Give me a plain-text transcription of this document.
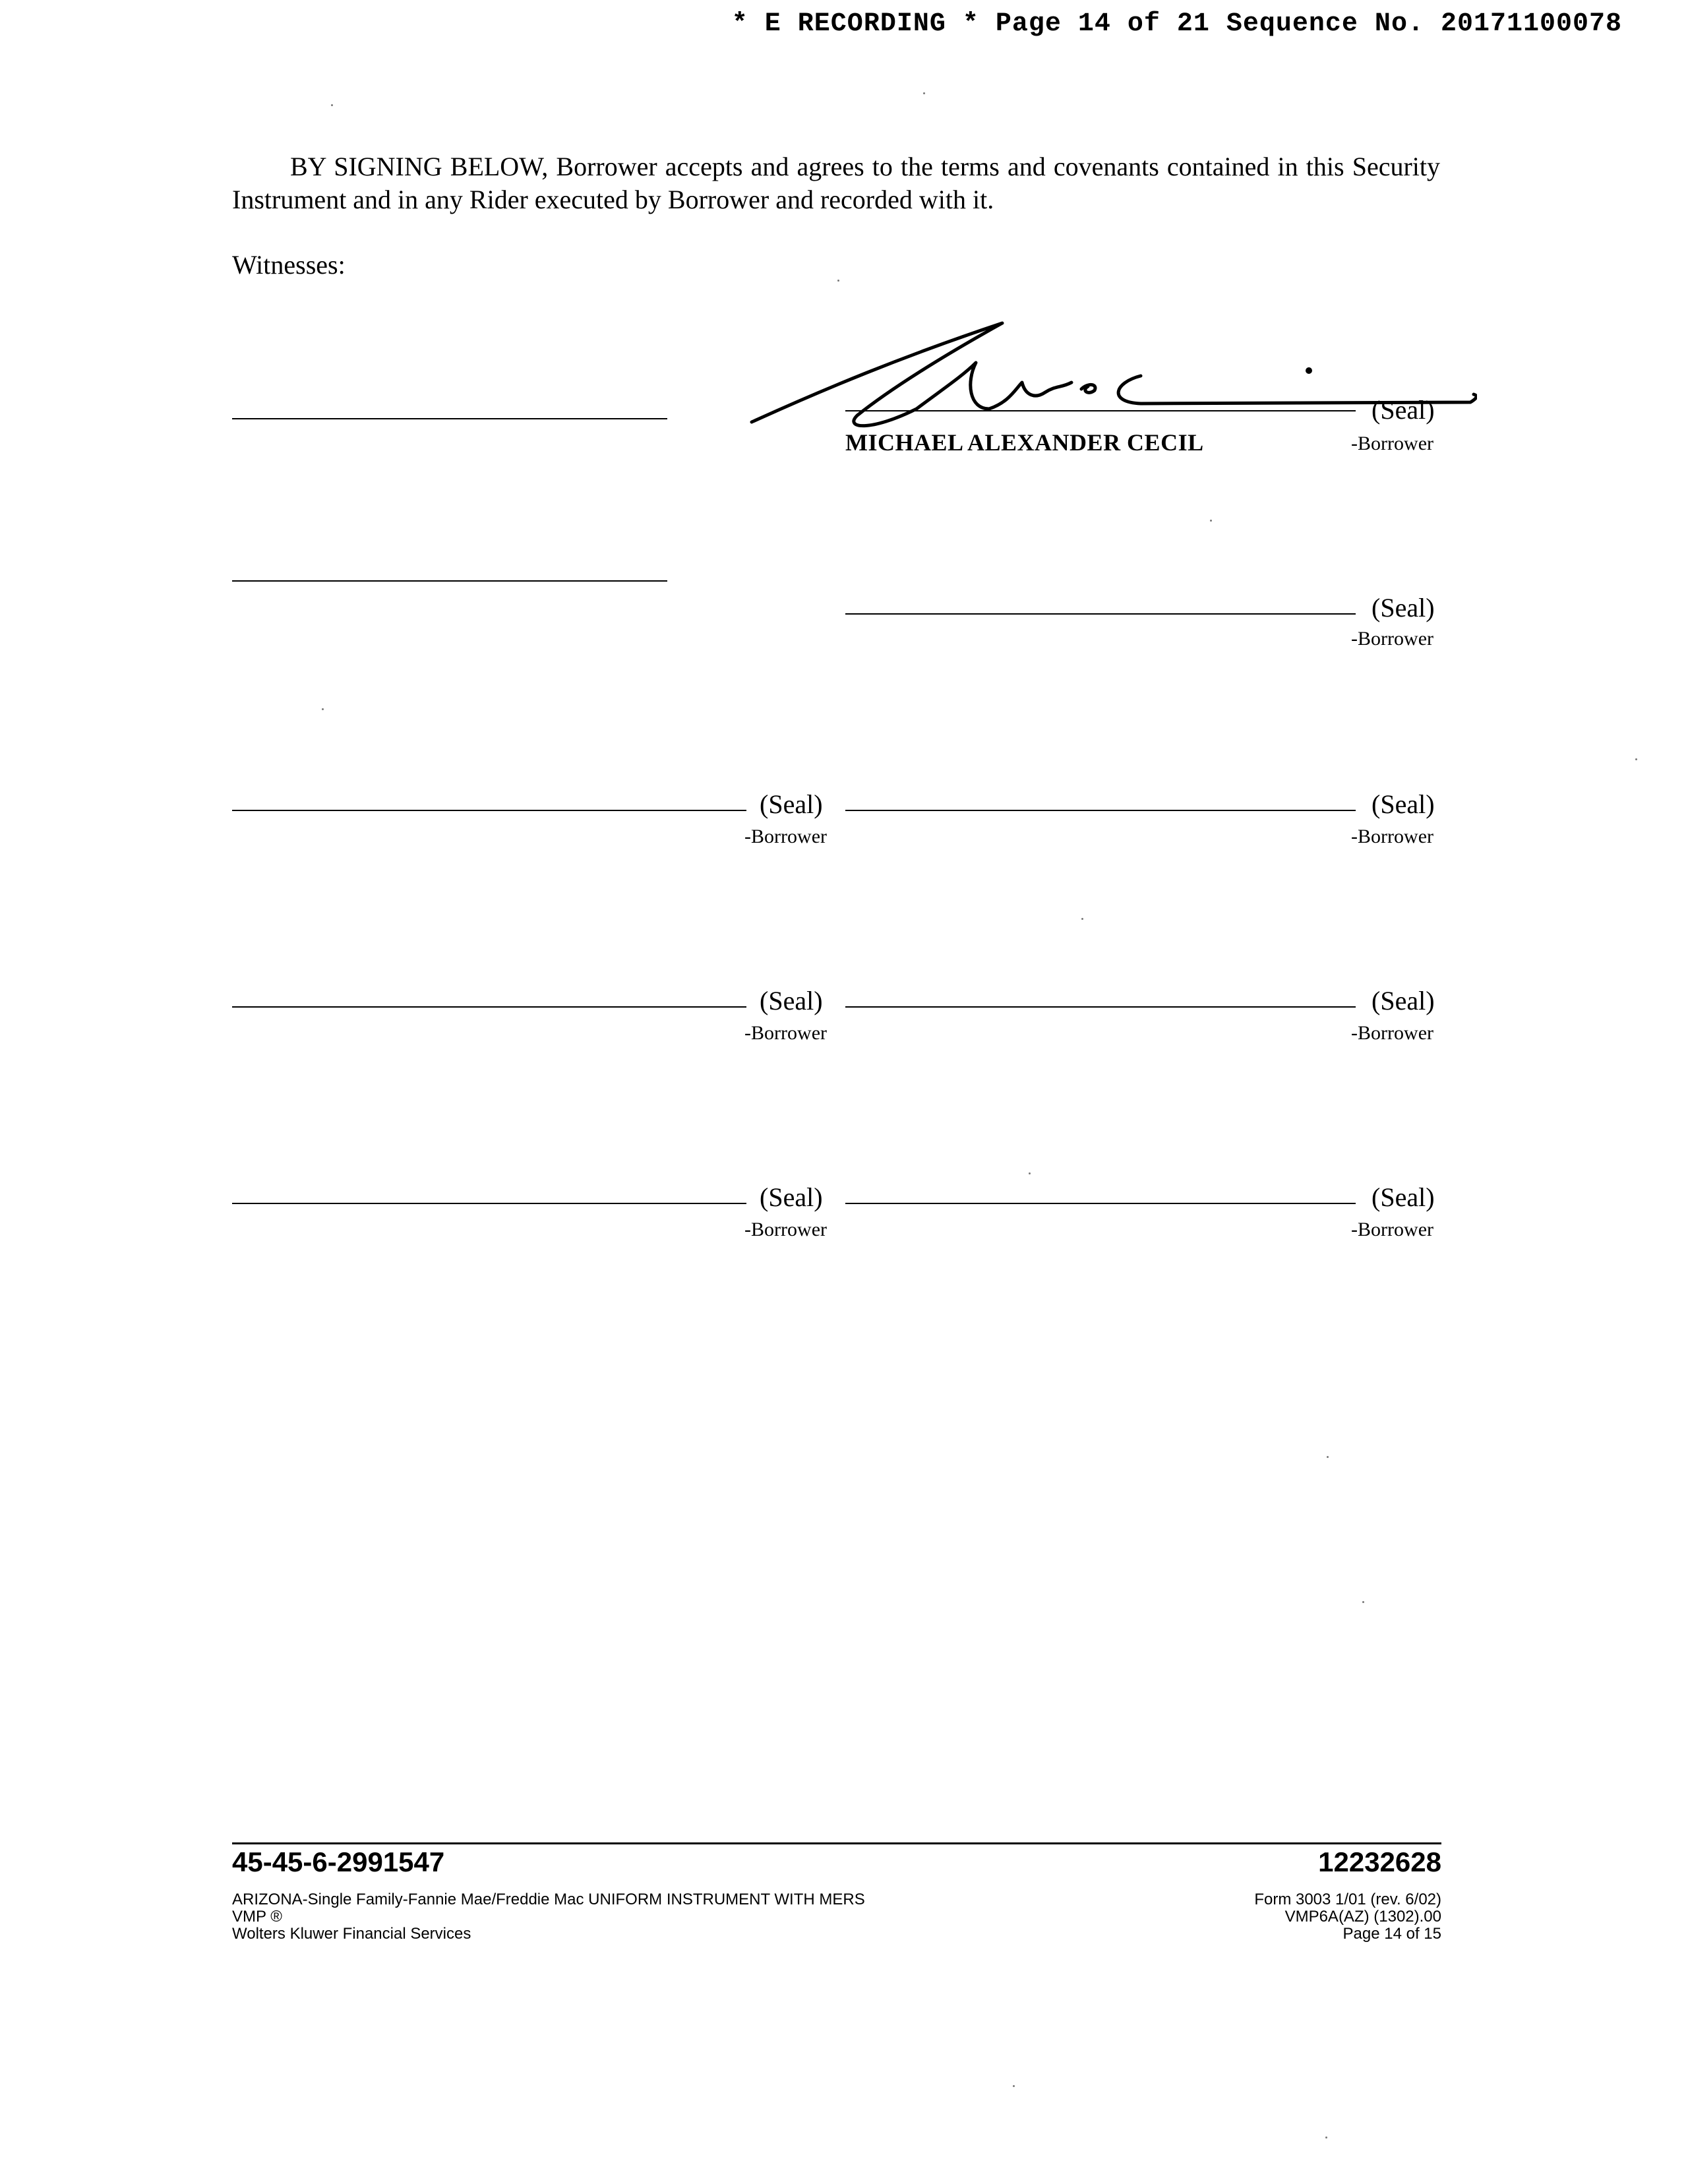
* E RECORDING * Page 14 of 21 Sequence No. 20171100078
BY SIGNING BELOW, Borrower accepts and agrees to the terms and covenants contained in this Security Instrument and in any Rider executed by Borrower and recorded with it.
Witnesses:
(Seal)
MICHAEL ALEXANDER CECIL	-Borrower
(Seal)
-Borrower
(Seal)
-Borrower
(Seal)
-Borrower
(Seal)
-Borrower
(Seal)
-Borrower
(Seal)
-Borrower
(Seal)
-Borrower
45-45-6-2991547	12232628
ARIZONA-Single Family-Fannie Mae/Freddie Mac UNIFORM INSTRUMENT WITH MERS
VMP ®
Wolters Kluwer Financial Services
Form 3003 1/01 (rev. 6/02)
VMP6A(AZ) (1302).00
Page 14 of 15
